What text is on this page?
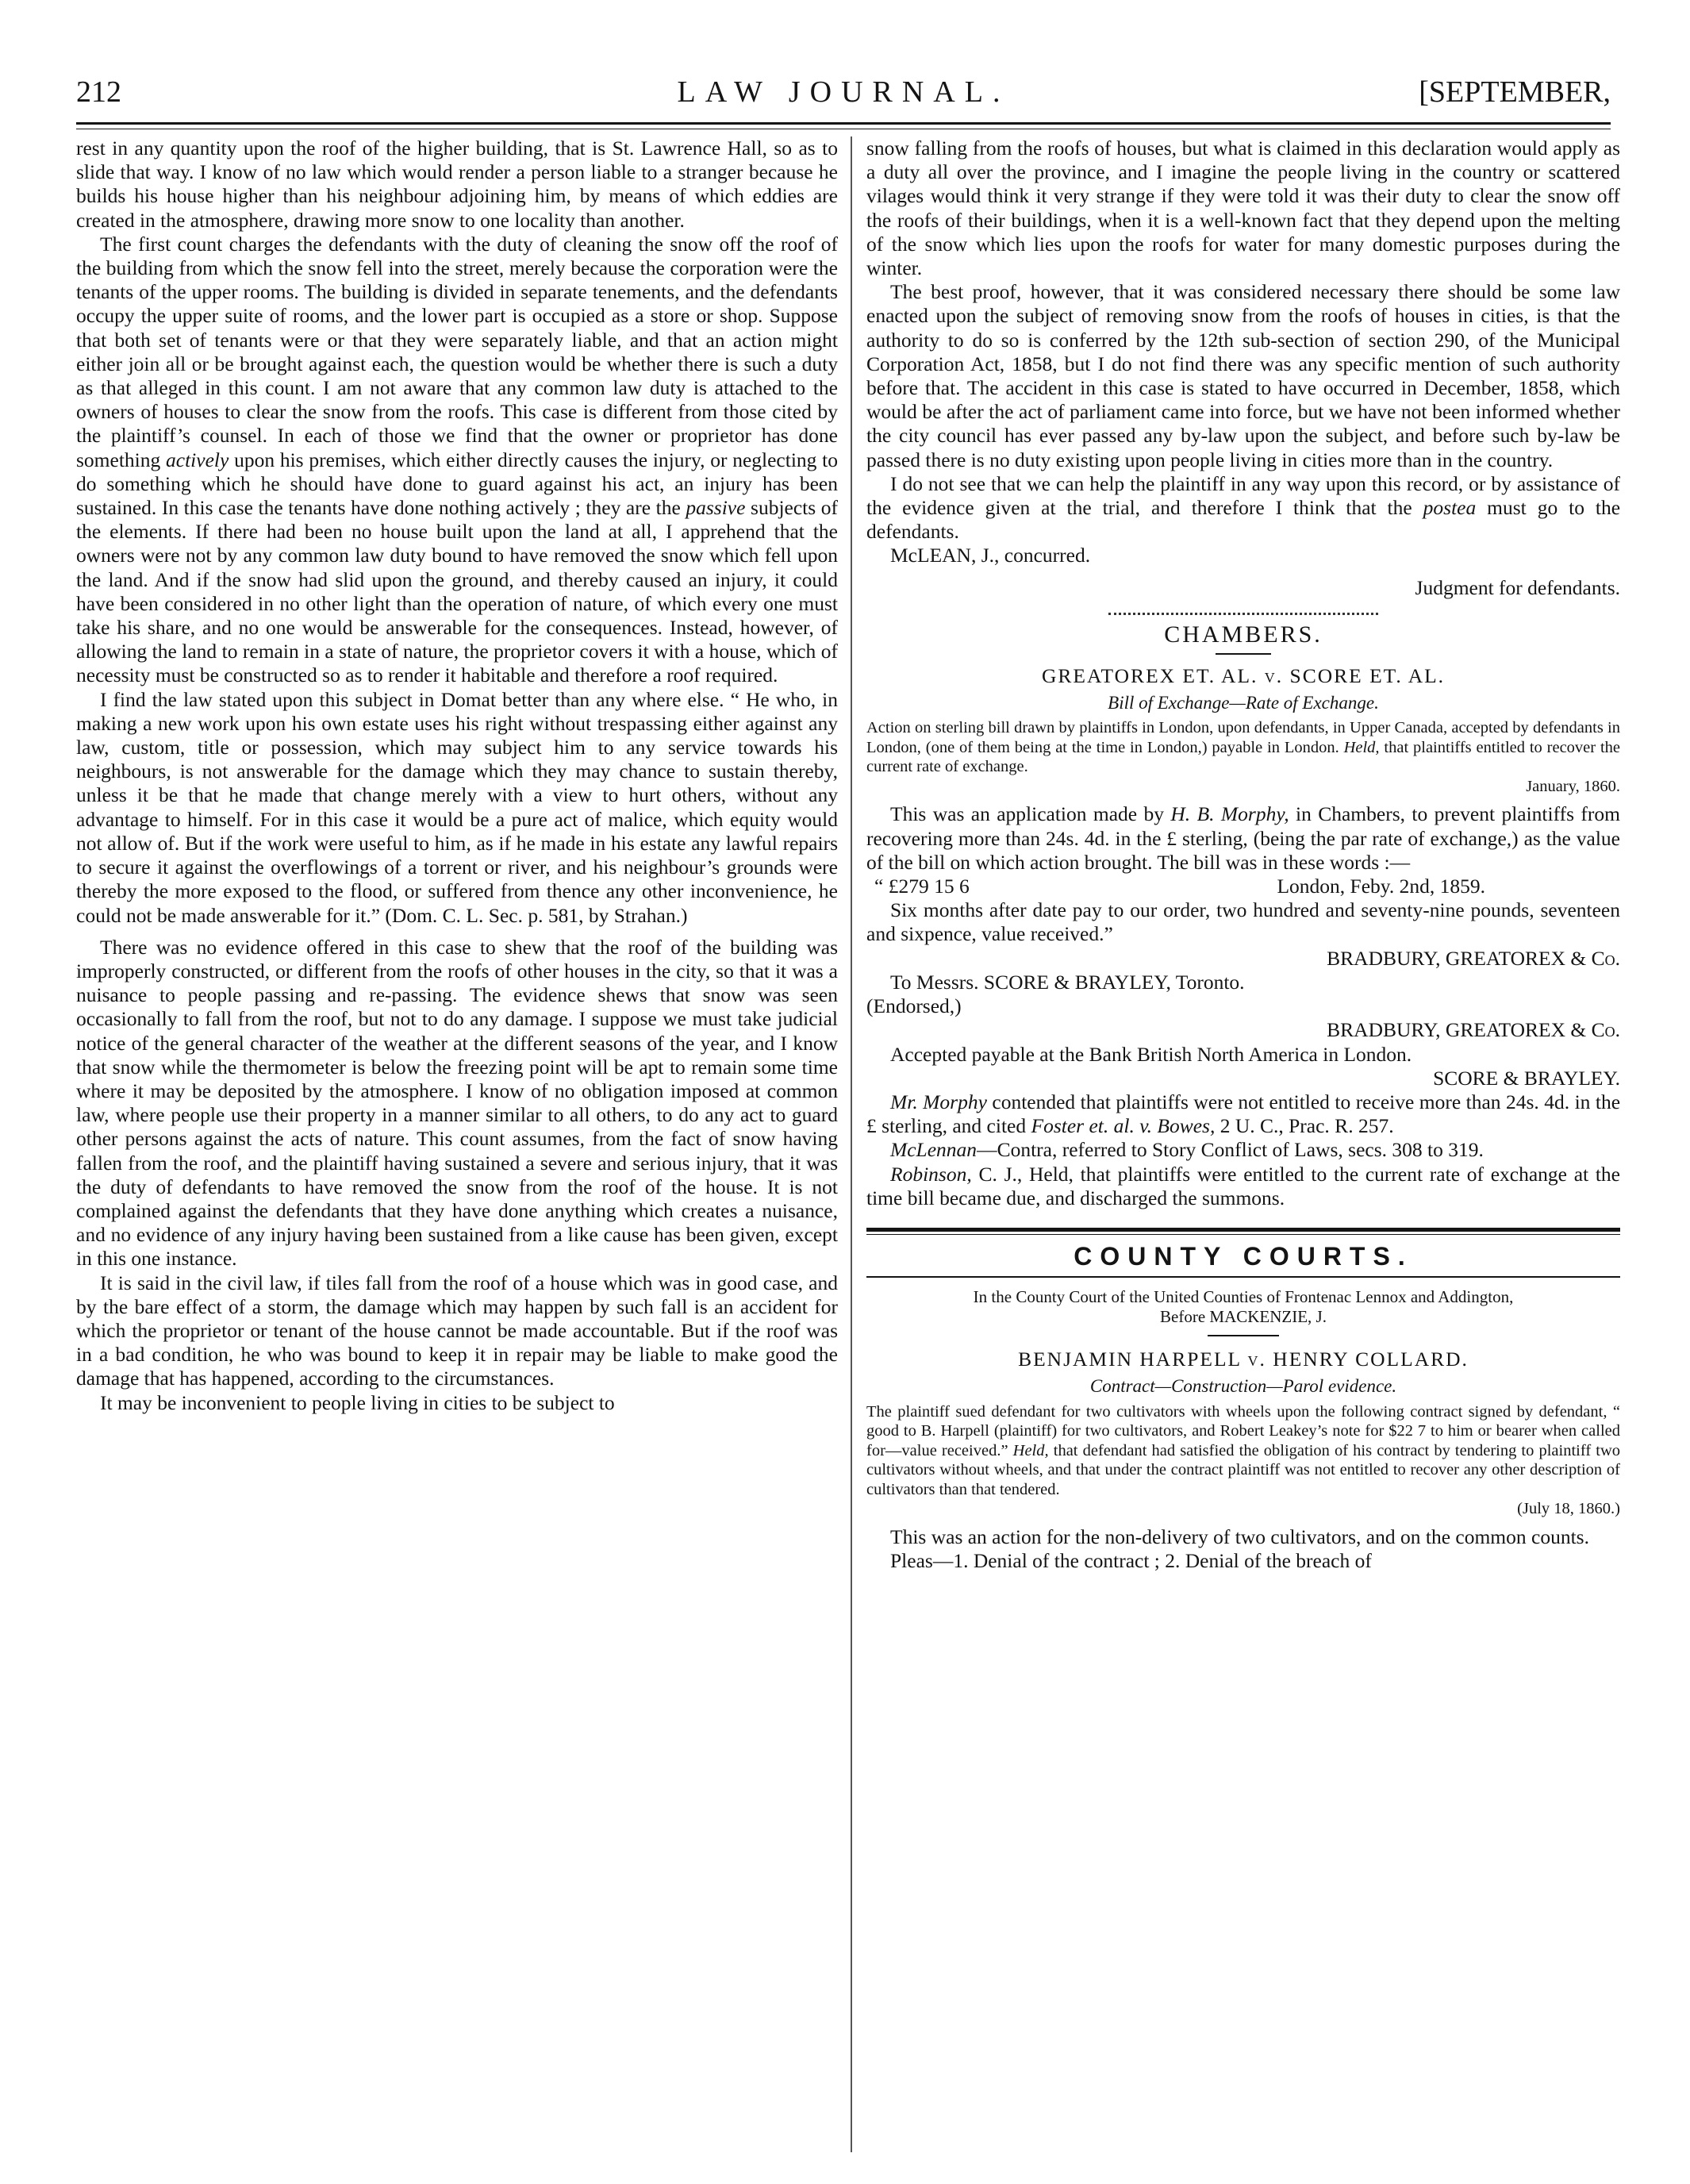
212	LAW JOURNAL.	[SEPTEMBER,

rest in any quantity upon the roof of the higher building, that is St. Lawrence Hall, so as to slide that way. I know of no law which would render a person liable to a stranger because he builds his house higher than his neighbour adjoining him, by means of which eddies are created in the atmosphere, drawing more snow to one locality than another.

The first count charges the defendants with the duty of cleaning the snow off the roof of the building from which the snow fell into the street, merely because the corporation were the tenants of the upper rooms. The building is divided in separate tenements, and the defendants occupy the upper suite of rooms, and the lower part is occupied as a store or shop. Suppose that both set of tenants were or that they were separately liable, and that an action might either join all or be brought against each, the question would be whether there is such a duty as that alleged in this count. I am not aware that any common law duty is attached to the owners of houses to clear the snow from the roofs. This case is different from those cited by the plaintiff’s counsel. In each of those we find that the owner or proprietor has done something actively upon his premises, which either directly causes the injury, or neglecting to do something which he should have done to guard against his act, an injury has been sustained. In this case the tenants have done nothing actively ; they are the passive subjects of the elements. If there had been no house built upon the land at all, I apprehend that the owners were not by any common law duty bound to have removed the snow which fell upon the land. And if the snow had slid upon the ground, and thereby caused an injury, it could have been considered in no other light than the operation of nature, of which every one must take his share, and no one would be answerable for the consequences. Instead, however, of allowing the land to remain in a state of nature, the proprietor covers it with a house, which of necessity must be constructed so as to render it habitable and therefore a roof required.

I find the law stated upon this subject in Domat better than any where else. “ He who, in making a new work upon his own estate uses his right without trespassing either against any law, custom, title or possession, which may subject him to any service towards his neighbours, is not answerable for the damage which they may chance to sustain thereby, unless it be that he made that change merely with a view to hurt others, without any advantage to himself. For in this case it would be a pure act of malice, which equity would not allow of. But if the work were useful to him, as if he made in his estate any lawful repairs to secure it against the overflowings of a torrent or river, and his neighbour’s grounds were thereby the more exposed to the flood, or suffered from thence any other inconvenience, he could not be made answerable for it.” (Dom. C. L. Sec. p. 581, by Strahan.)

There was no evidence offered in this case to shew that the roof of the building was improperly constructed, or different from the roofs of other houses in the city, so that it was a nuisance to people passing and re-passing. The evidence shews that snow was seen occasionally to fall from the roof, but not to do any damage. I suppose we must take judicial notice of the general character of the weather at the different seasons of the year, and I know that snow while the thermometer is below the freezing point will be apt to remain some time where it may be deposited by the atmosphere. I know of no obligation imposed at common law, where people use their property in a manner similar to all others, to do any act to guard other persons against the acts of nature. This count assumes, from the fact of snow having fallen from the roof, and the plaintiff having sustained a severe and serious injury, that it was the duty of defendants to have removed the snow from the roof of the house. It is not complained against the defendants that they have done anything which creates a nuisance, and no evidence of any injury having been sustained from a like cause has been given, except in this one instance.

It is said in the civil law, if tiles fall from the roof of a house which was in good case, and by the bare effect of a storm, the damage which may happen by such fall is an accident for which the proprietor or tenant of the house cannot be made accountable. But if the roof was in a bad condition, he who was bound to keep it in repair may be liable to make good the damage that has happened, according to the circumstances.

It may be inconvenient to people living in cities to be subject to

snow falling from the roofs of houses, but what is claimed in this declaration would apply as a duty all over the province, and I imagine the people living in the country or scattered vilages would think it very strange if they were told it was their duty to clear the snow off the roofs of their buildings, when it is a well-known fact that they depend upon the melting of the snow which lies upon the roofs for water for many domestic purposes during the winter.

The best proof, however, that it was considered necessary there should be some law enacted upon the subject of removing snow from the roofs of houses in cities, is that the authority to do so is conferred by the 12th sub-section of section 290, of the Municipal Corporation Act, 1858, but I do not find there was any specific mention of such authority before that. The accident in this case is stated to have occurred in December, 1858, which would be after the act of parliament came into force, but we have not been informed whether the city council has ever passed any by-law upon the subject, and before such by-law be passed there is no duty existing upon people living in cities more than in the country.

I do not see that we can help the plaintiff in any way upon this record, or by assistance of the evidence given at the trial, and therefore I think that the postea must go to the defendants.

McLEAN, J., concurred.

Judgment for defendants.
CHAMBERS.
GREATOREX ET. AL. v. SCORE ET. AL.
Bill of Exchange—Rate of Exchange.
Action on sterling bill drawn by plaintiffs in London, upon defendants, in Upper Canada, accepted by defendants in London, (one of them being at the time in London,) payable in London. Held, that plaintiffs entitled to recover the current rate of exchange.
January, 1860.

This was an application made by H. B. Morphy, in Chambers, to prevent plaintiffs from recovering more than 24s. 4d. in the £ sterling, (being the par rate of exchange,) as the value of the bill on which action brought. The bill was in these words :—

“ £279 15 6	London, Feby. 2nd, 1859.

Six months after date pay to our order, two hundred and seventy-nine pounds, seventeen and sixpence, value received.”

BRADBURY, GREATOREX & Co.

To Messrs. SCORE & BRAYLEY, Toronto.

(Endorsed,)

BRADBURY, GREATOREX & Co.

Accepted payable at the Bank British North America in London.

SCORE & BRAYLEY.

Mr. Morphy contended that plaintiffs were not entitled to receive more than 24s. 4d. in the £ sterling, and cited Foster et. al. v. Bowes, 2 U. C., Prac. R. 257.

McLennan—Contra, referred to Story Conflict of Laws, secs. 308 to 319.

Robinson, C. J., Held, that plaintiffs were entitled to the current rate of exchange at the time bill became due, and discharged the summons.

COUNTY COURTS.
In the County Court of the United Counties of Frontenac Lennox and Addington,
Before MACKENZIE, J.
BENJAMIN HARPELL v. HENRY COLLARD.
Contract—Construction—Parol evidence.
The plaintiff sued defendant for two cultivators with wheels upon the following contract signed by defendant, “ good to B. Harpell (plaintiff) for two cultivators, and Robert Leakey’s note for $22 7 to him or bearer when called for—value received.” Held, that defendant had satisfied the obligation of his contract by tendering to plaintiff two cultivators without wheels, and that under the contract plaintiff was not entitled to recover any other description of cultivators than that tendered.
(July 18, 1860.)

This was an action for the non-delivery of two cultivators, and on the common counts.

Pleas—1. Denial of the contract ; 2. Denial of the breach of
